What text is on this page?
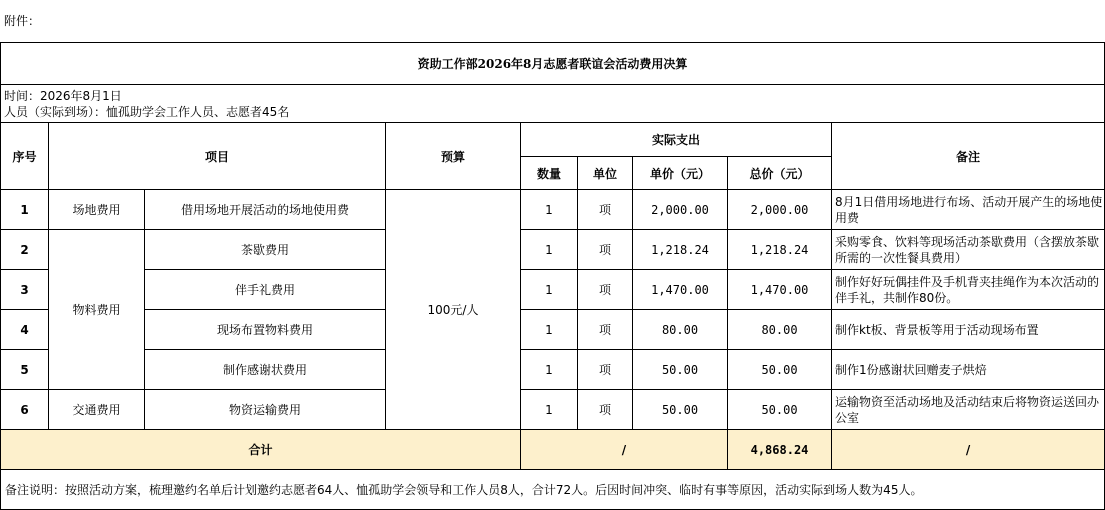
附件：
资助工作部2026年8月志愿者联谊会活动费用决算								

时间：2026年8月1日
人员（实际到场）：恤孤助学会工作人员、志愿者45名								

序号	项目		预算	实际支出				备注
				数量	单位	单价（元）	总价（元）	
1	场地费用	借用场地开展活动的场地使用费	100元/人	1	项	2,000.00	2,000.00	8月1日借用场地进行布场、活动开展产生的场地使用费
2	物料费用	茶歇费用		1	项	1,218.24	1,218.24	采购零食、饮料等现场活动茶歇费用（含摆放茶歇所需的一次性餐具费用）
3		伴手礼费用		1	项	1,470.00	1,470.00	制作好好玩偶挂件及手机背夹挂绳作为本次活动的伴手礼，共制作80份。
4		现场布置物料费用		1	项	80.00	80.00	制作kt板、背景板等用于活动现场布置
5		制作感谢状费用		1	项	50.00	50.00	制作1份感谢状回赠麦子烘焙
6	交通费用	物资运输费用		1	项	50.00	50.00	运输物资至活动场地及活动结束后将物资运送回办公室
合计				/			4,868.24	/
备注说明：按照活动方案，梳理邀约名单后计划邀约志愿者64人、恤孤助学会领导和工作人员8人，合计72人。后因时间冲突、临时有事等原因，活动实际到场人数为45人。								
